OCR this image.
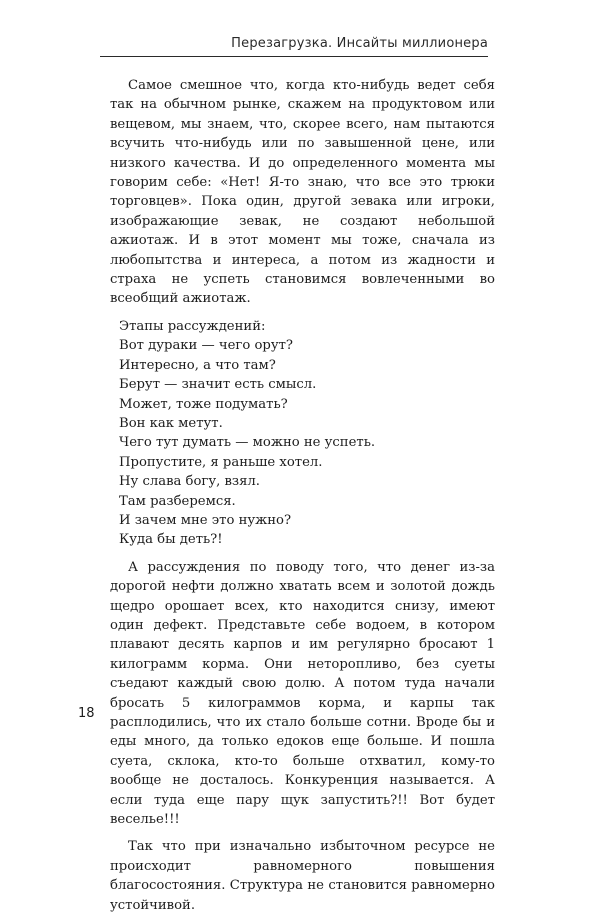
Перезагрузка. Инсайты миллионера

Самое смешное что, когда кто-нибудь ведет себя так на обычном рынке, скажем на продуктовом или вещевом, мы знаем, что, скорее всего, нам пытаются всучить что-нибудь или по завышенной цене, или низкого качества. И до определенного момента мы говорим себе: «Нет! Я-то знаю, что все это трюки торговцев». Пока один, другой зевака или игроки, изображающие зевак, не создают небольшой ажиотаж. И в этот момент мы тоже, сначала из любопытства и интереса, а потом из жадности и страха не успеть становимся вовлеченными во всеобщий ажиотаж.

Этапы рассуждений:
Вот дураки — чего орут?
Интересно, а что там?
Берут — значит есть смысл.
Может, тоже подумать?
Вон как метут.
Чего тут думать — можно не успеть.
Пропустите, я раньше хотел.
Ну слава богу, взял.
Там разберемся.
И зачем мне это нужно?
Куда бы деть?!

А рассуждения по поводу того, что денег из-за дорогой нефти должно хватать всем и золотой дождь щедро орошает всех, кто находится снизу, имеют один дефект. Представьте себе водоем, в котором плавают десять карпов и им регулярно бросают 1 килограмм корма. Они неторопливо, без суеты съедают каждый свою долю. А потом туда начали бросать 5 килограммов корма, и карпы так расплодились, что их стало больше сотни. Вроде бы и еды много, да только едоков еще больше. И пошла суета, склока, кто-то больше отхватил, кому-то вообще не досталось. Конкуренция называется. А если туда еще пару щук запустить?!! Вот будет веселье!!!

Так что при изначально избыточном ресурсе не происходит равномерного повышения благосостояния. Структура не становится равномерно устойчивой.

18
